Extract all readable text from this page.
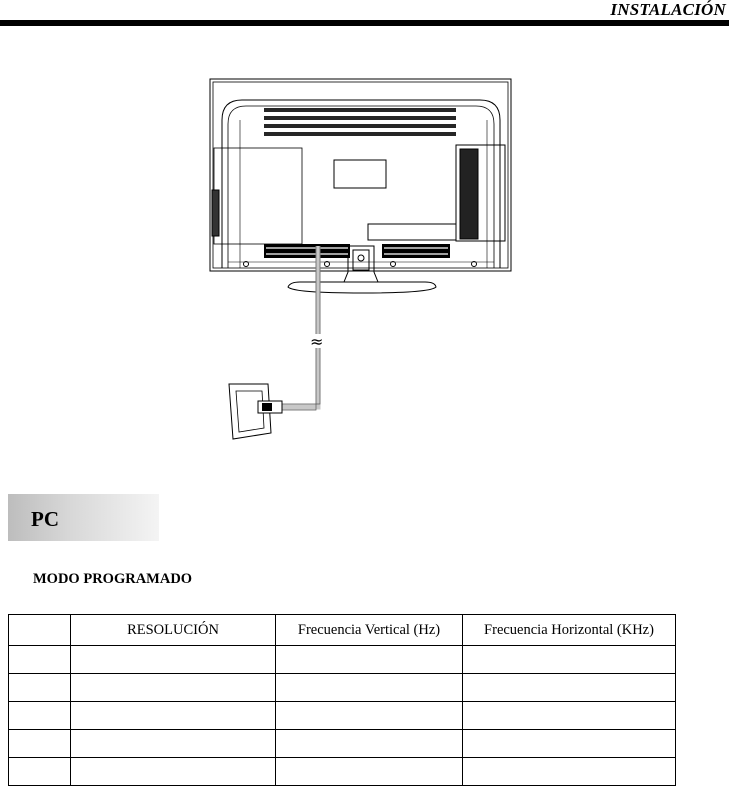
INSTALACIÓN
≈
PC
MODO PROGRAMADO
	RESOLUCIÓN	Frecuencia Vertical (Hz)	Frecuencia Horizontal (KHz)
